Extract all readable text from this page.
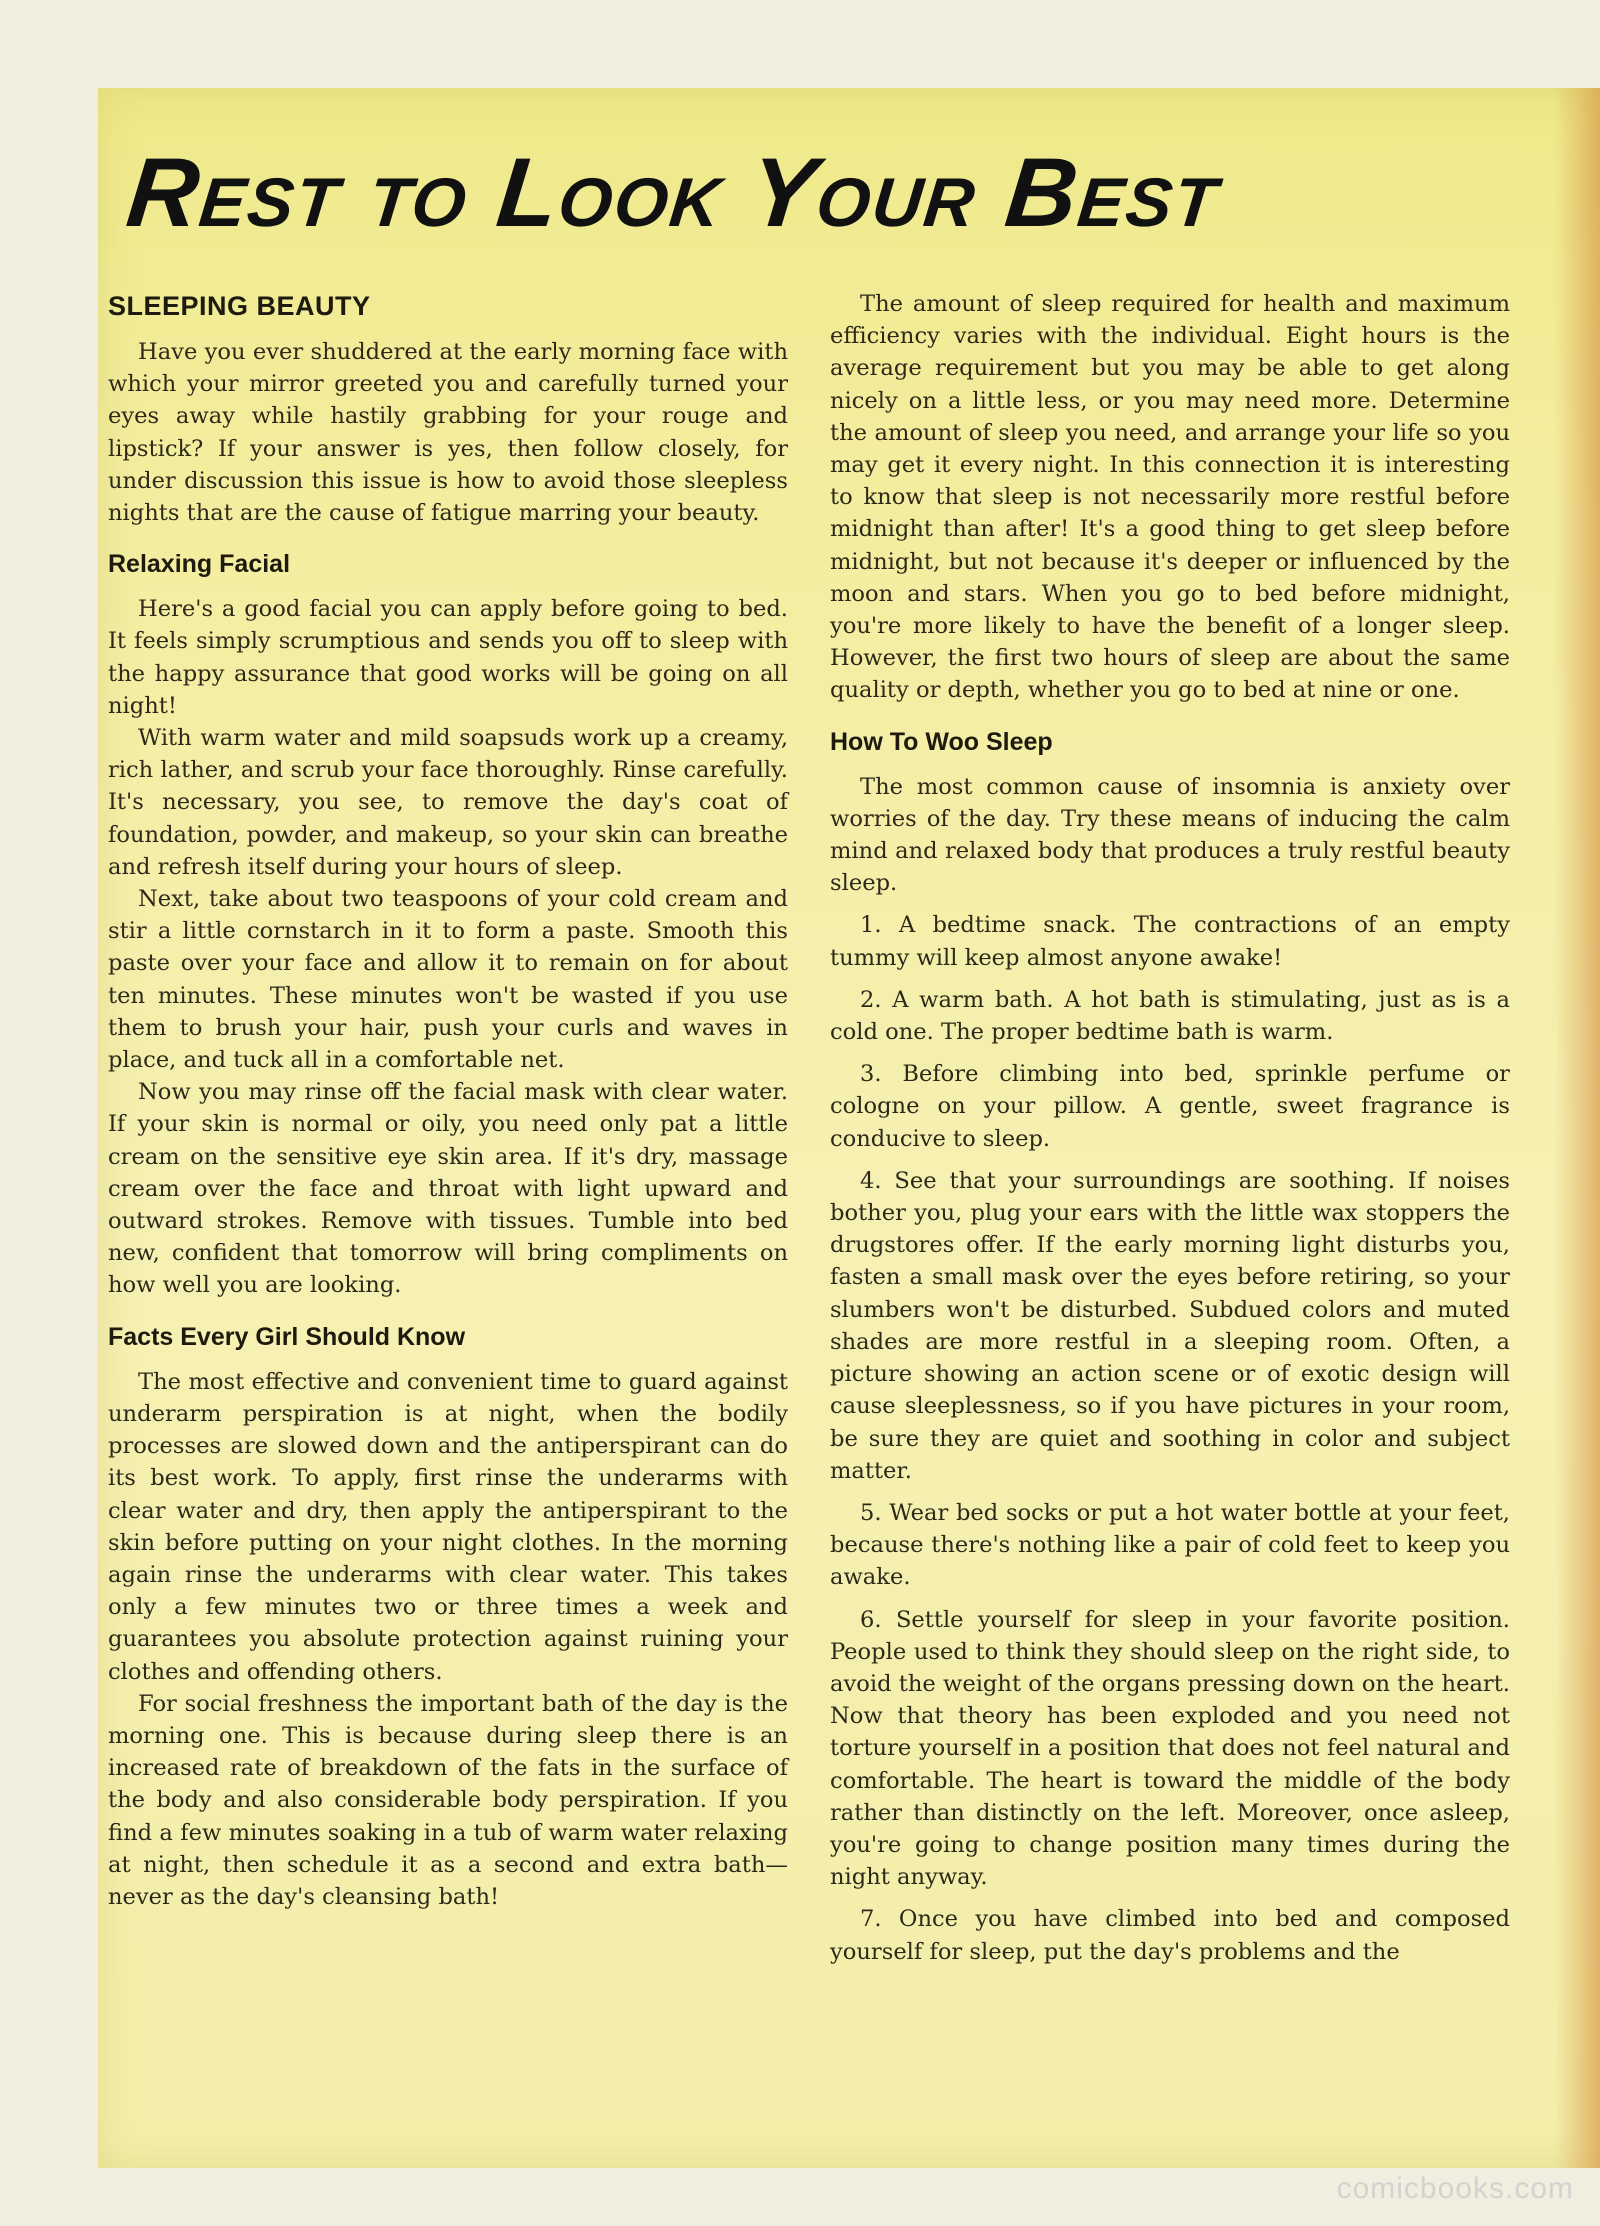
Rest to Look Your Best
SLEEPING BEAUTY

Have you ever shuddered at the early morning face with which your mirror greeted you and carefully turned your eyes away while hastily grabbing for your rouge and lipstick? If your answer is yes, then follow closely, for under discussion this issue is how to avoid those sleepless nights that are the cause of fatigue marring your beauty.

Relaxing Facial

Here's a good facial you can apply before going to bed. It feels simply scrumptious and sends you off to sleep with the happy assurance that good works will be going on all night!

With warm water and mild soapsuds work up a creamy, rich lather, and scrub your face thoroughly. Rinse carefully. It's necessary, you see, to remove the day's coat of foundation, powder, and makeup, so your skin can breathe and refresh itself during your hours of sleep.

Next, take about two teaspoons of your cold cream and stir a little cornstarch in it to form a paste. Smooth this paste over your face and allow it to remain on for about ten minutes. These minutes won't be wasted if you use them to brush your hair, push your curls and waves in place, and tuck all in a comfortable net.

Now you may rinse off the facial mask with clear water. If your skin is normal or oily, you need only pat a little cream on the sensitive eye skin area. If it's dry, massage cream over the face and throat with light upward and outward strokes. Remove with tissues. Tumble into bed new, confident that tomorrow will bring compliments on how well you are looking.

Facts Every Girl Should Know

The most effective and convenient time to guard against underarm perspiration is at night, when the bodily processes are slowed down and the antiperspirant can do its best work. To apply, first rinse the underarms with clear water and dry, then apply the antiperspirant to the skin before putting on your night clothes. In the morning again rinse the underarms with clear water. This takes only a few minutes two or three times a week and guarantees you absolute protection against ruining your clothes and offending others.

For social freshness the important bath of the day is the morning one. This is because during sleep there is an increased rate of breakdown of the fats in the surface of the body and also considerable body perspiration. If you find a few minutes soaking in a tub of warm water relaxing at night, then schedule it as a second and extra bath—never as the day's cleansing bath!

The amount of sleep required for health and maximum efficiency varies with the individual. Eight hours is the average requirement but you may be able to get along nicely on a little less, or you may need more. Determine the amount of sleep you need, and arrange your life so you may get it every night. In this connection it is interesting to know that sleep is not necessarily more restful before midnight than after! It's a good thing to get sleep before midnight, but not because it's deeper or influenced by the moon and stars. When you go to bed before midnight, you're more likely to have the benefit of a longer sleep. However, the first two hours of sleep are about the same quality or depth, whether you go to bed at nine or one.

How To Woo Sleep

The most common cause of insomnia is anxiety over worries of the day. Try these means of inducing the calm mind and relaxed body that produces a truly restful beauty sleep.

1. A bedtime snack. The contractions of an empty tummy will keep almost anyone awake!

2. A warm bath. A hot bath is stimulating, just as is a cold one. The proper bedtime bath is warm.

3. Before climbing into bed, sprinkle perfume or cologne on your pillow. A gentle, sweet fragrance is conducive to sleep.

4. See that your surroundings are soothing. If noises bother you, plug your ears with the little wax stoppers the drugstores offer. If the early morning light disturbs you, fasten a small mask over the eyes before retiring, so your slumbers won't be disturbed. Subdued colors and muted shades are more restful in a sleeping room. Often, a picture showing an action scene or of exotic design will cause sleeplessness, so if you have pictures in your room, be sure they are quiet and soothing in color and subject matter.

5. Wear bed socks or put a hot water bottle at your feet, because there's nothing like a pair of cold feet to keep you awake.

6. Settle yourself for sleep in your favorite position. People used to think they should sleep on the right side, to avoid the weight of the organs pressing down on the heart. Now that theory has been exploded and you need not torture yourself in a position that does not feel natural and comfortable. The heart is toward the middle of the body rather than distinctly on the left. Moreover, once asleep, you're going to change position many times during the night anyway.

7. Once you have climbed into bed and composed yourself for sleep, put the day's problems and the

comicbooks.com
